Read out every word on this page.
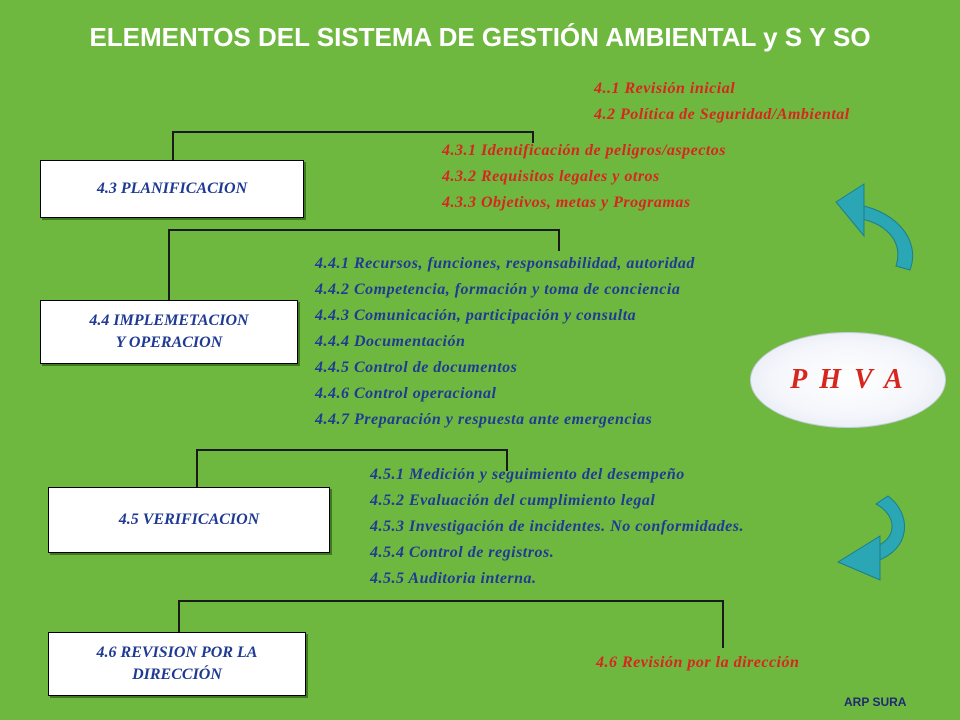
ELEMENTOS DEL SISTEMA DE GESTIÓN AMBIENTAL y S Y SO
4..1 Revisión inicial
4.2 Política de Seguridad/Ambiental
4.3 PLANIFICACION
4.3.1 Identificación de peligros/aspectos
4.3.2 Requisitos legales y otros
4.3.3 Objetivos, metas y Programas
4.4 IMPLEMETACION
Y OPERACION
4.4.1 Recursos, funciones, responsabilidad, autoridad
4.4.2 Competencia, formación y toma de conciencia
4.4.3 Comunicación, participación y consulta
4.4.4 Documentación
4.4.5 Control de documentos
4.4.6 Control operacional
4.4.7 Preparación y respuesta ante emergencias
4.5 VERIFICACION
4.5.1 Medición y seguimiento del desempeño
4.5.2 Evaluación del cumplimiento legal
4.5.3 Investigación de incidentes. No conformidades.
4.5.4 Control de registros.
4.5.5 Auditoria interna.
4.6 REVISION POR LA
DIRECCIÓN
4.6 Revisión por la dirección
P H V A
ARP SURA
